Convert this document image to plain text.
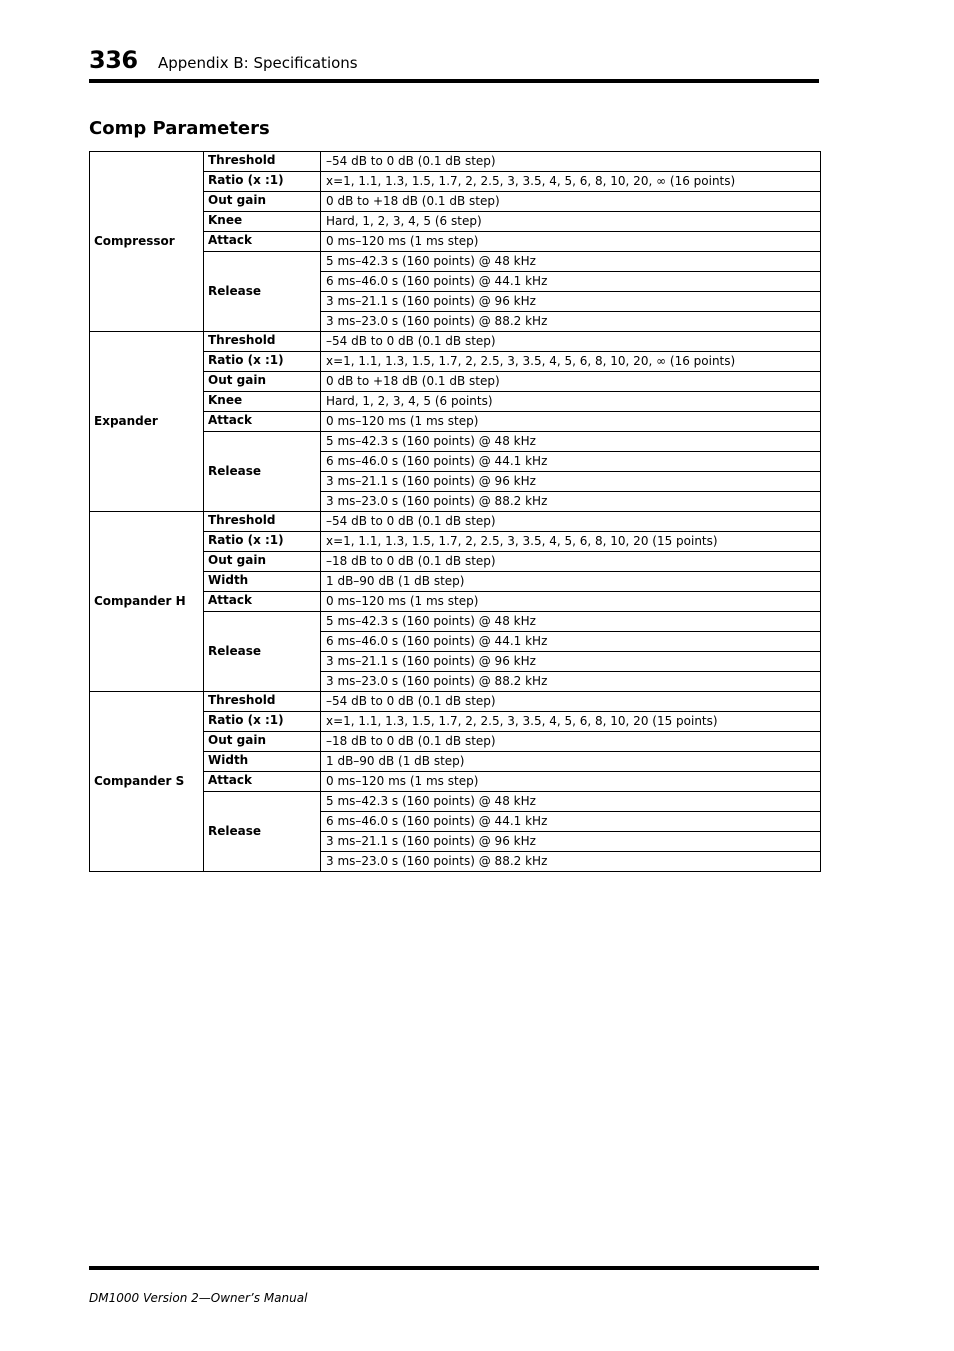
336 Appendix B: Specifications
Comp Parameters
Compressor	Threshold	–54 dB to 0 dB (0.1 dB step)
	Ratio (x :1)	x=1, 1.1, 1.3, 1.5, 1.7, 2, 2.5, 3, 3.5, 4, 5, 6, 8, 10, 20, ∞ (16 points)
	Out gain	0 dB to +18 dB (0.1 dB step)
	Knee	Hard, 1, 2, 3, 4, 5 (6 step)
	Attack	0 ms–120 ms (1 ms step)
	Release	5 ms–42.3 s (160 points) @ 48 kHz
		6 ms–46.0 s (160 points) @ 44.1 kHz
		3 ms–21.1 s (160 points) @ 96 kHz
		3 ms–23.0 s (160 points) @ 88.2 kHz
Expander	Threshold	–54 dB to 0 dB (0.1 dB step)
	Ratio (x :1)	x=1, 1.1, 1.3, 1.5, 1.7, 2, 2.5, 3, 3.5, 4, 5, 6, 8, 10, 20, ∞ (16 points)
	Out gain	0 dB to +18 dB (0.1 dB step)
	Knee	Hard, 1, 2, 3, 4, 5 (6 points)
	Attack	0 ms–120 ms (1 ms step)
	Release	5 ms–42.3 s (160 points) @ 48 kHz
		6 ms–46.0 s (160 points) @ 44.1 kHz
		3 ms–21.1 s (160 points) @ 96 kHz
		3 ms–23.0 s (160 points) @ 88.2 kHz
Compander H	Threshold	–54 dB to 0 dB (0.1 dB step)
	Ratio (x :1)	x=1, 1.1, 1.3, 1.5, 1.7, 2, 2.5, 3, 3.5, 4, 5, 6, 8, 10, 20 (15 points)
	Out gain	–18 dB to 0 dB (0.1 dB step)
	Width	1 dB–90 dB (1 dB step)
	Attack	0 ms–120 ms (1 ms step)
	Release	5 ms–42.3 s (160 points) @ 48 kHz
		6 ms–46.0 s (160 points) @ 44.1 kHz
		3 ms–21.1 s (160 points) @ 96 kHz
		3 ms–23.0 s (160 points) @ 88.2 kHz
Compander S	Threshold	–54 dB to 0 dB (0.1 dB step)
	Ratio (x :1)	x=1, 1.1, 1.3, 1.5, 1.7, 2, 2.5, 3, 3.5, 4, 5, 6, 8, 10, 20 (15 points)
	Out gain	–18 dB to 0 dB (0.1 dB step)
	Width	1 dB–90 dB (1 dB step)
	Attack	0 ms–120 ms (1 ms step)
	Release	5 ms–42.3 s (160 points) @ 48 kHz
		6 ms–46.0 s (160 points) @ 44.1 kHz
		3 ms–21.1 s (160 points) @ 96 kHz
		3 ms–23.0 s (160 points) @ 88.2 kHz
DM1000 Version 2—Owner’s Manual
